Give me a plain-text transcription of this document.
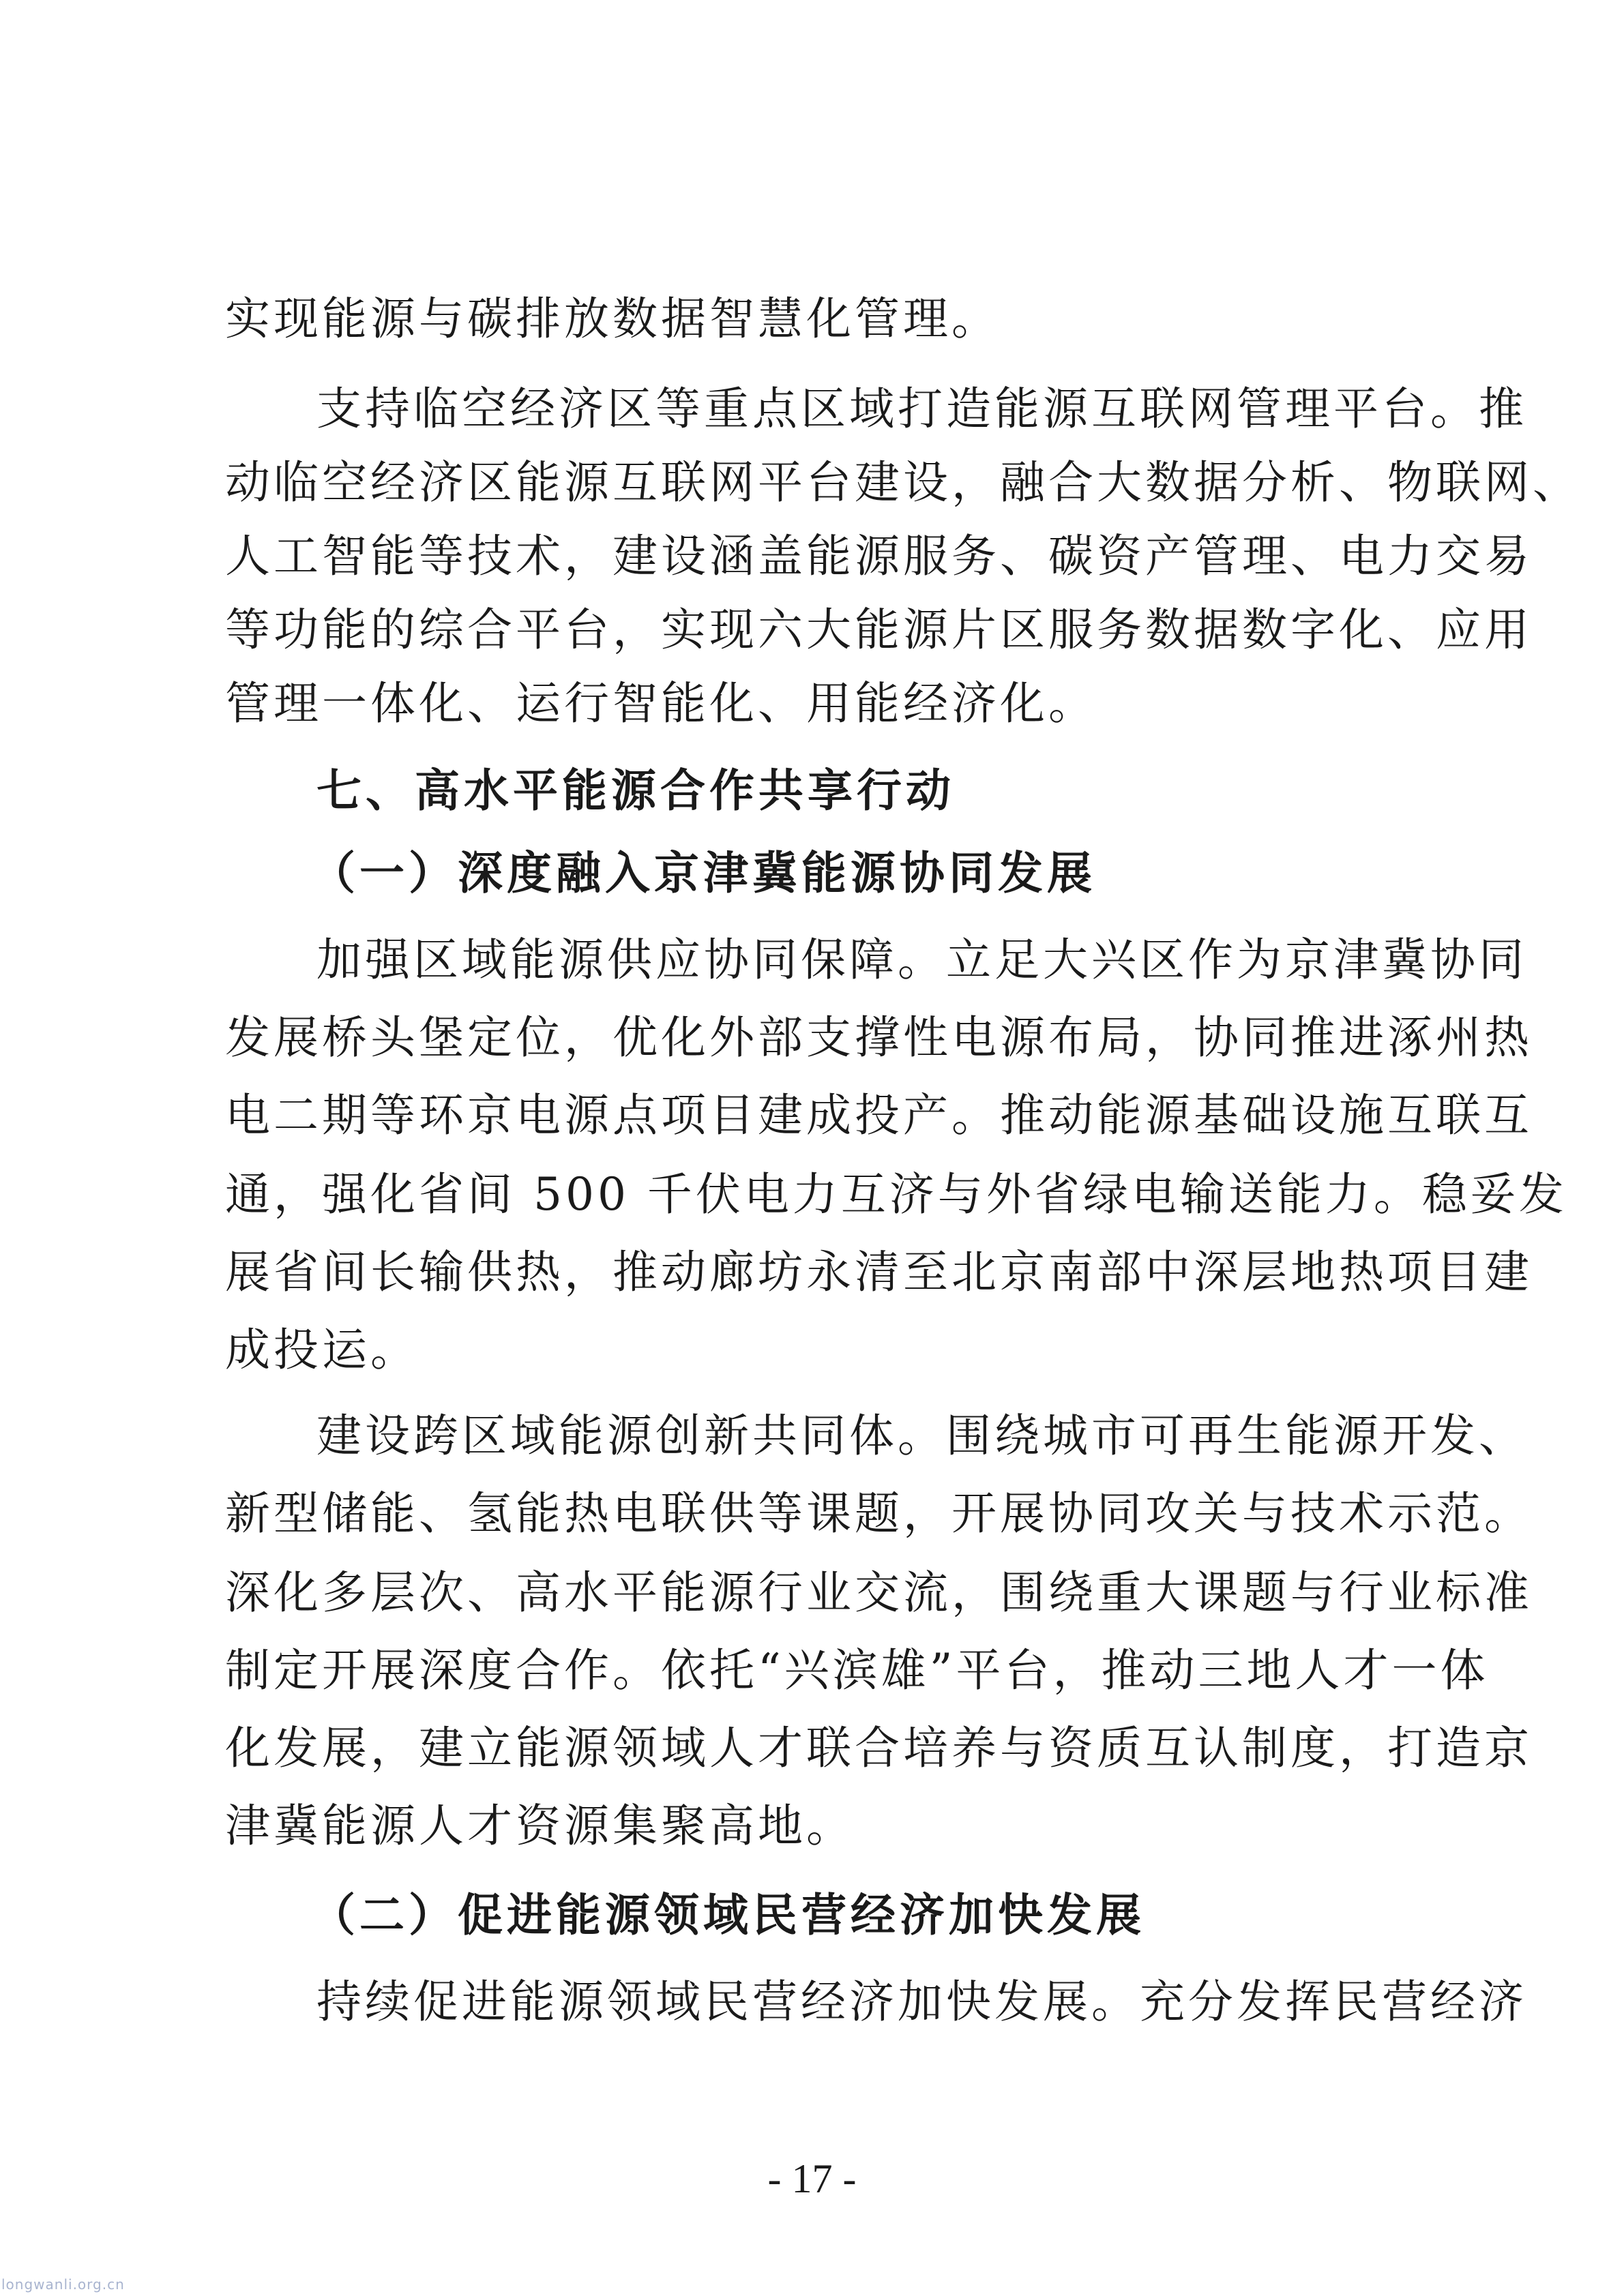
实现能源与碳排放数据智慧化管理。
支持临空经济区等重点区域打造能源互联网管理平台。推
动临空经济区能源互联网平台建设，融合大数据分析、物联网、
人工智能等技术，建设涵盖能源服务、碳资产管理、电力交易
等功能的综合平台，实现六大能源片区服务数据数字化、应用
管理一体化、运行智能化、用能经济化。
七、高水平能源合作共享行动
（一）深度融入京津冀能源协同发展
加强区域能源供应协同保障。立足大兴区作为京津冀协同
发展桥头堡定位，优化外部支撑性电源布局，协同推进涿州热
电二期等环京电源点项目建成投产。推动能源基础设施互联互
通，强化省间 500 千伏电力互济与外省绿电输送能力。稳妥发
展省间长输供热，推动廊坊永清至北京南部中深层地热项目建
成投运。
建设跨区域能源创新共同体。围绕城市可再生能源开发、
新型储能、氢能热电联供等课题，开展协同攻关与技术示范。
深化多层次、高水平能源行业交流，围绕重大课题与行业标准
制定开展深度合作。依托“兴滨雄”平台，推动三地人才一体
化发展，建立能源领域人才联合培养与资质互认制度，打造京
津冀能源人才资源集聚高地。
（二）促进能源领域民营经济加快发展
持续促进能源领域民营经济加快发展。充分发挥民营经济
- 17 -
longwanli.org.cn
